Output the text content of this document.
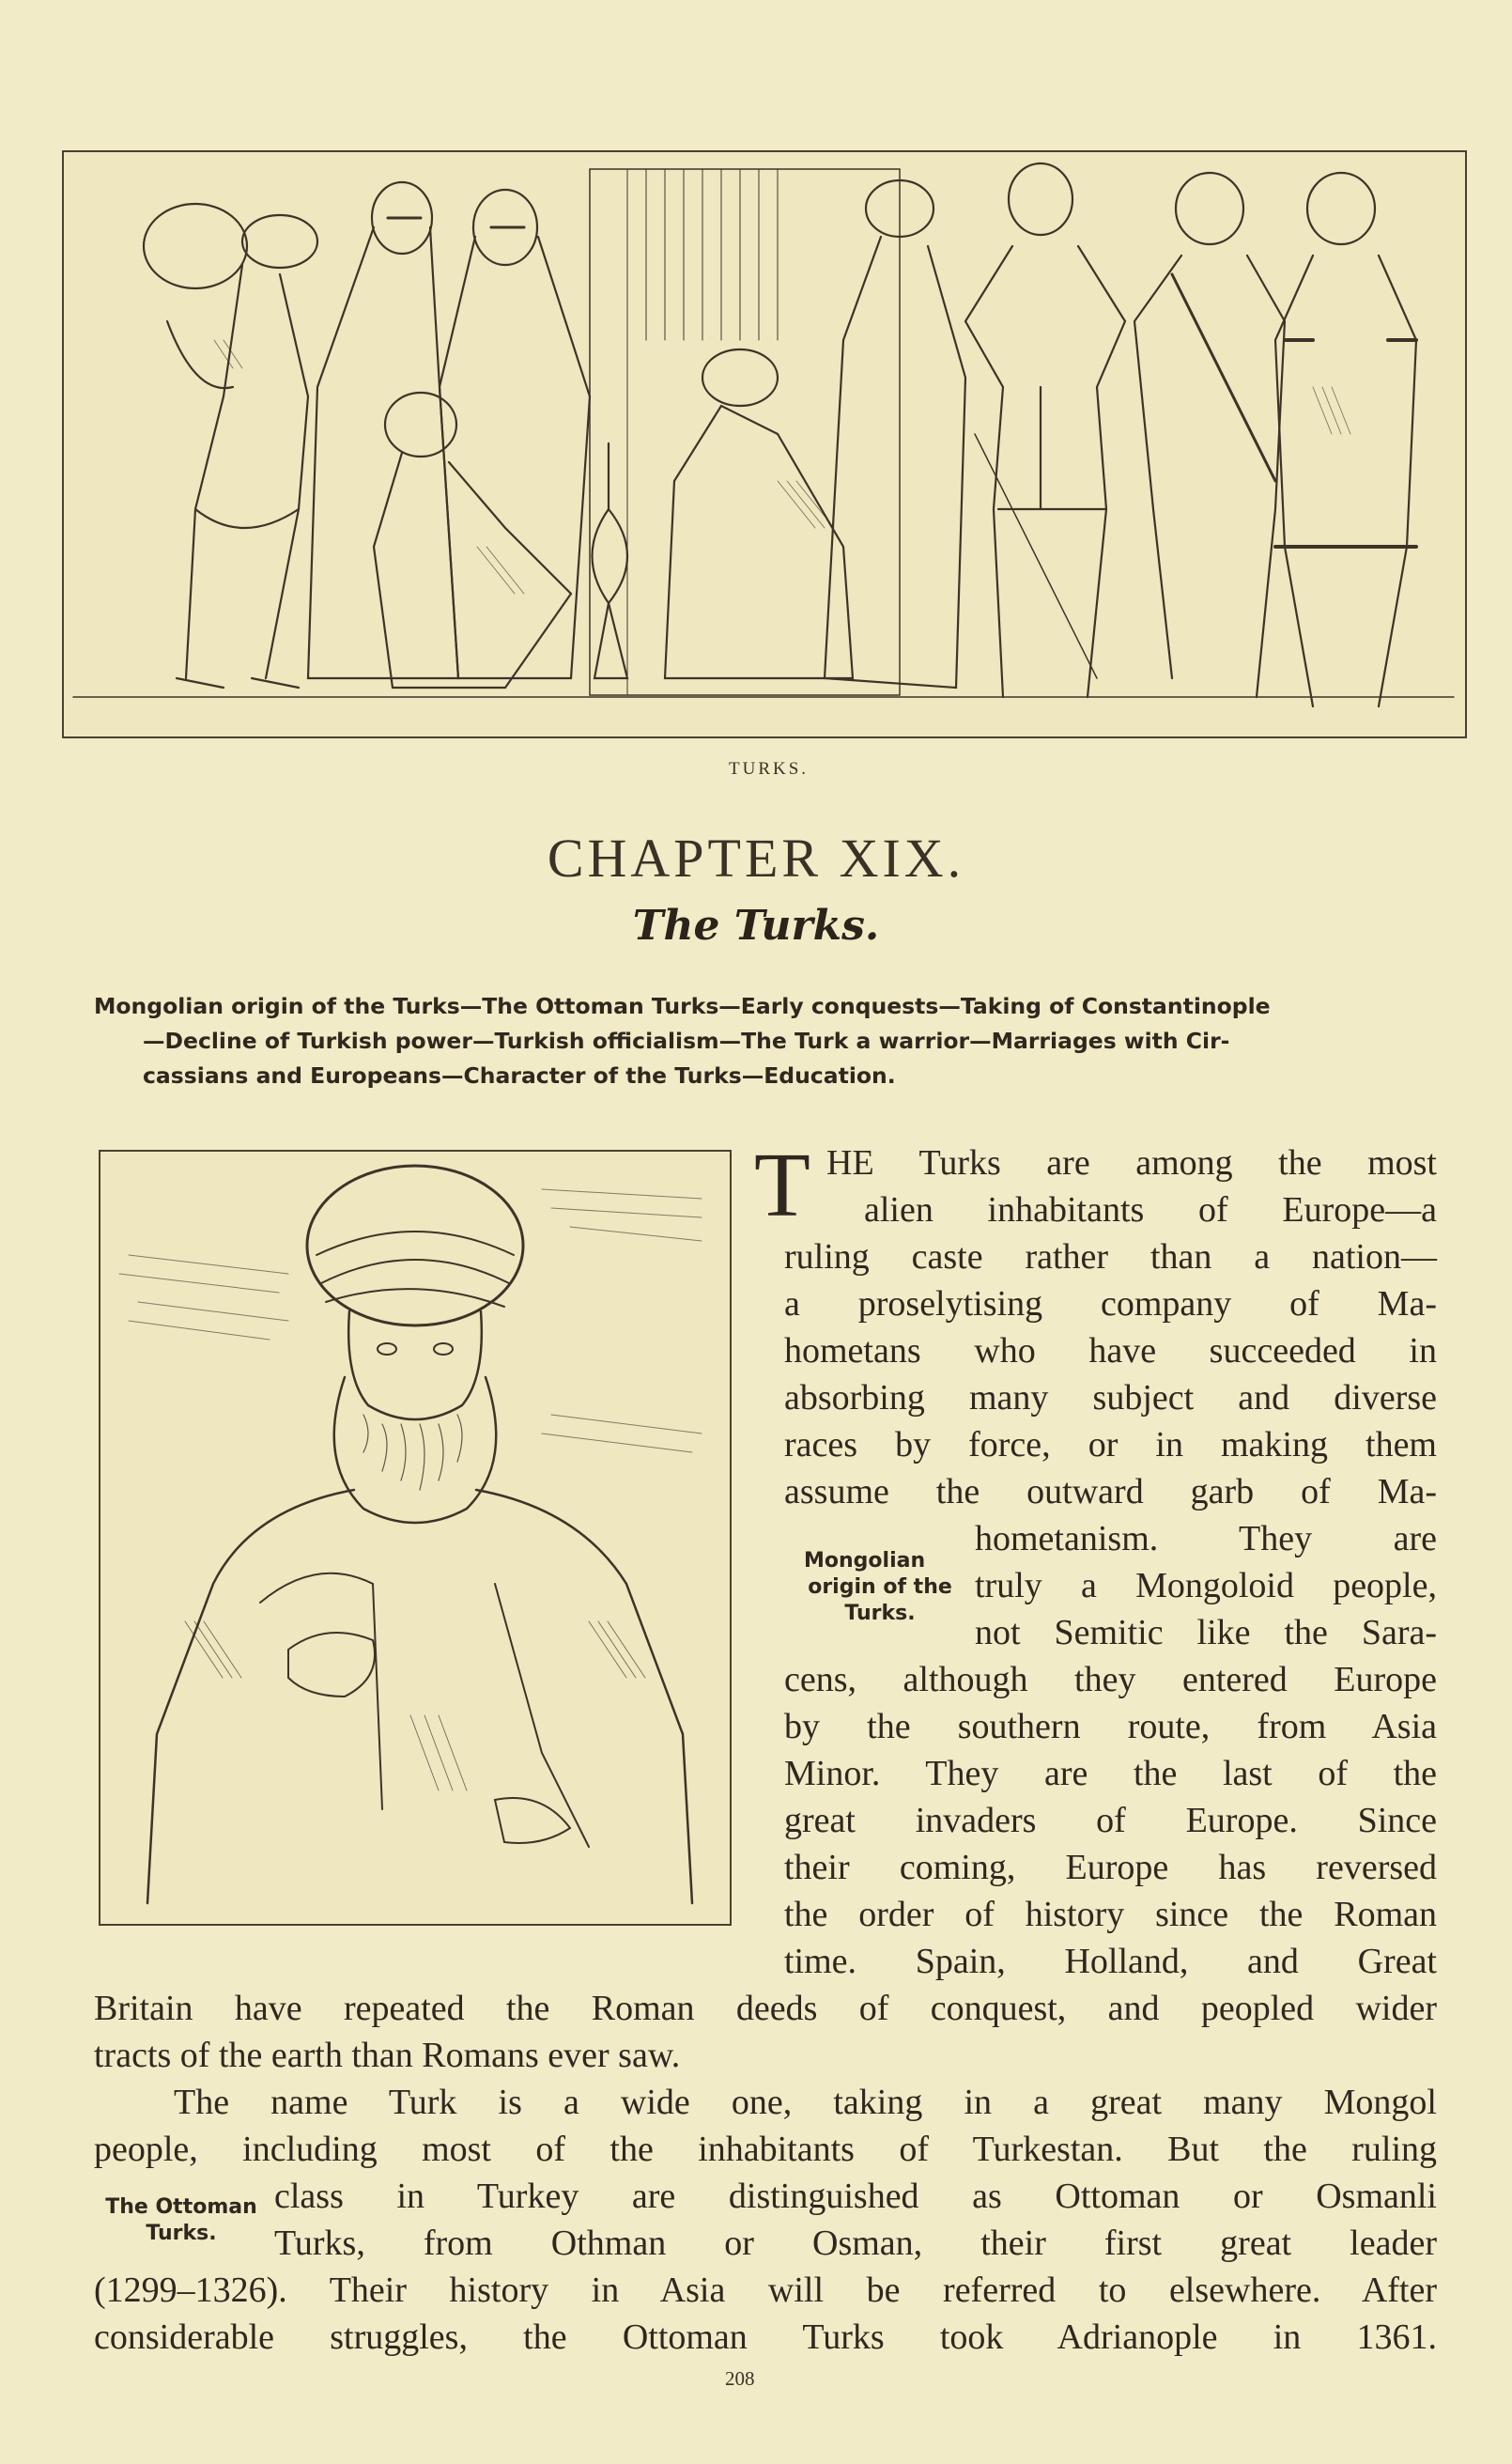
TURKS.
CHAPTER XIX.
The Turks.
Mongolian origin of the Turks—The Ottoman Turks—Early conquests—Taking of Constantinople
—Decline of Turkish power—Turkish officialism—The Turk a warrior—Marriages with Cir-
cassians and Europeans—Character of the Turks—Education.
T HE Turks are among the most
alien inhabitants of Europe—a
ruling caste rather than a nation—
a proselytising company of Ma-
hometans who have succeeded in
absorbing many subject and diverse
races by force, or in making them
assume the outward garb of Ma-
hometanism. They are
truly a Mongoloid people,
not Semitic like the Sara-
cens, although they entered Europe
by the southern route, from Asia
Minor. They are the last of the
great invaders of Europe. Since
their coming, Europe has reversed
the order of history since the Roman
time. Spain, Holland, and Great
Britain have repeated the Roman deeds of conquest, and peopled wider
tracts of the earth than Romans ever saw.
Mongolian
origin of the
Turks.
The name Turk is a wide one, taking in a great many Mongol
people, including most of the inhabitants of Turkestan. But the ruling
class in Turkey are distinguished as Ottoman or Osmanli
Turks, from Othman or Osman, their first great leader
(1299–1326). Their history in Asia will be referred to elsewhere. After
considerable struggles, the Ottoman Turks took Adrianople in 1361.
The Ottoman
Turks.
208
